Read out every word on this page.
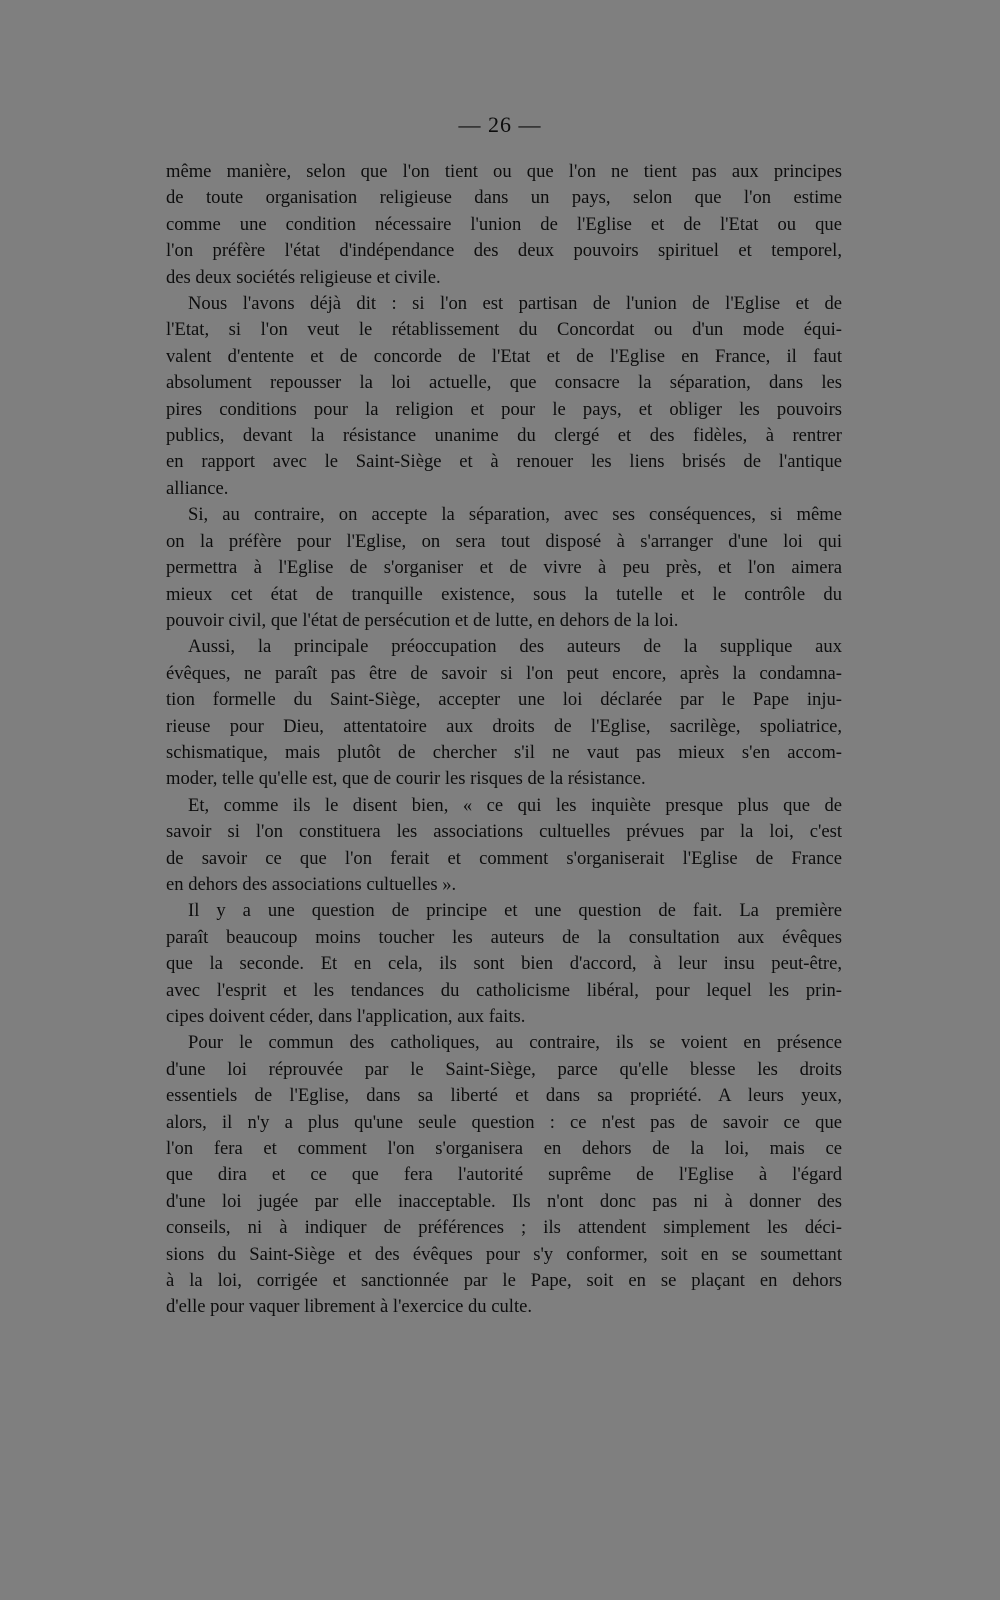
— 26 —
même manière, selon que l'on tient ou que l'on ne tient pas aux principes
de toute organisation religieuse dans un pays, selon que l'on estime
comme une condition nécessaire l'union de l'Eglise et de l'Etat ou que
l'on préfère l'état d'indépendance des deux pouvoirs spirituel et temporel,
des deux sociétés religieuse et civile.
Nous l'avons déjà dit : si l'on est partisan de l'union de l'Eglise et de
l'Etat, si l'on veut le rétablissement du Concordat ou d'un mode équi-
valent d'entente et de concorde de l'Etat et de l'Eglise en France, il faut
absolument repousser la loi actuelle, que consacre la séparation, dans les
pires conditions pour la religion et pour le pays, et obliger les pouvoirs
publics, devant la résistance unanime du clergé et des fidèles, à rentrer
en rapport avec le Saint-Siège et à renouer les liens brisés de l'antique
alliance.
Si, au contraire, on accepte la séparation, avec ses conséquences, si même
on la préfère pour l'Eglise, on sera tout disposé à s'arranger d'une loi qui
permettra à l'Eglise de s'organiser et de vivre à peu près, et l'on aimera
mieux cet état de tranquille existence, sous la tutelle et le contrôle du
pouvoir civil, que l'état de persécution et de lutte, en dehors de la loi.
Aussi, la principale préoccupation des auteurs de la supplique aux
évêques, ne paraît pas être de savoir si l'on peut encore, après la condamna-
tion formelle du Saint-Siège, accepter une loi déclarée par le Pape inju-
rieuse pour Dieu, attentatoire aux droits de l'Eglise, sacrilège, spoliatrice,
schismatique, mais plutôt de chercher s'il ne vaut pas mieux s'en accom-
moder, telle qu'elle est, que de courir les risques de la résistance.
Et, comme ils le disent bien, « ce qui les inquiète presque plus que de
savoir si l'on constituera les associations cultuelles prévues par la loi, c'est
de savoir ce que l'on ferait et comment s'organiserait l'Eglise de France
en dehors des associations cultuelles ».
Il y a une question de principe et une question de fait. La première
paraît beaucoup moins toucher les auteurs de la consultation aux évêques
que la seconde. Et en cela, ils sont bien d'accord, à leur insu peut-être,
avec l'esprit et les tendances du catholicisme libéral, pour lequel les prin-
cipes doivent céder, dans l'application, aux faits.
Pour le commun des catholiques, au contraire, ils se voient en présence
d'une loi réprouvée par le Saint-Siège, parce qu'elle blesse les droits
essentiels de l'Eglise, dans sa liberté et dans sa propriété. A leurs yeux,
alors, il n'y a plus qu'une seule question : ce n'est pas de savoir ce que
l'on fera et comment l'on s'organisera en dehors de la loi, mais ce
que dira et ce que fera l'autorité suprême de l'Eglise à l'égard
d'une loi jugée par elle inacceptable. Ils n'ont donc pas ni à donner des
conseils, ni à indiquer de préférences ; ils attendent simplement les déci-
sions du Saint-Siège et des évêques pour s'y conformer, soit en se soumettant
à la loi, corrigée et sanctionnée par le Pape, soit en se plaçant en dehors
d'elle pour vaquer librement à l'exercice du culte.
